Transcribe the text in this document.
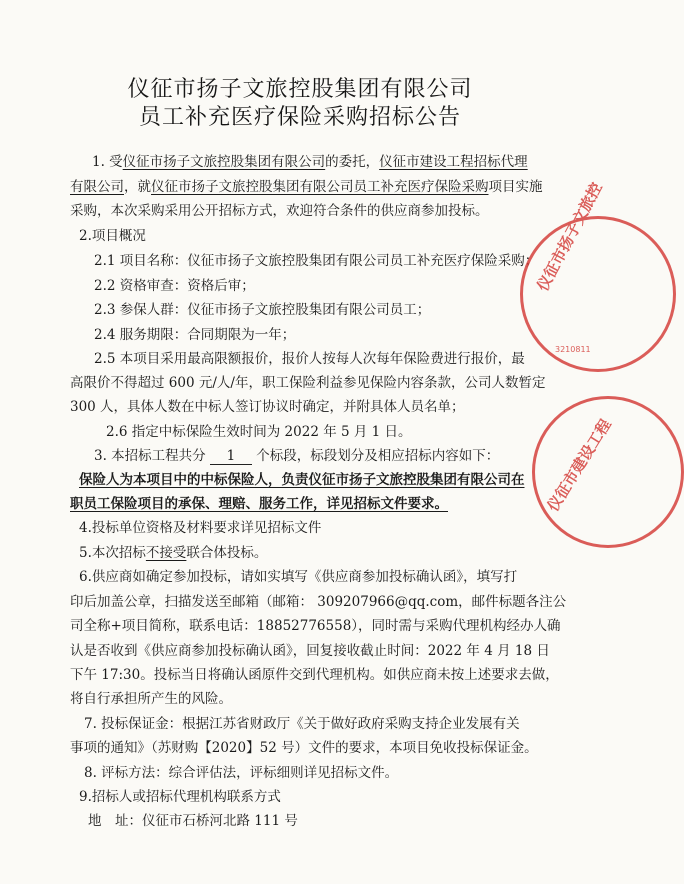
仪征市扬子文旅控股集团有限公司
员工补充医疗保险采购招标公告
1. 受仪征市扬子文旅控股集团有限公司的委托，仪征市建设工程招标代理
有限公司，就仪征市扬子文旅控股集团有限公司员工补充医疗保险采购项目实施
采购，本次采购采用公开招标方式，欢迎符合条件的供应商参加投标。
2.项目概况
2.1 项目名称：仪征市扬子文旅控股集团有限公司员工补充医疗保险采购；
2.2 资格审查：资格后审；
2.3 参保人群：仪征市扬子文旅控股集团有限公司员工；
2.4 服务期限：合同期限为一年；
2.5 本项目采用最高限额报价，报价人按每人次每年保险费进行报价，最
高限价不得超过 600 元/人/年，职工保险利益参见保险内容条款，公司人数暂定
300 人，具体人数在中标人签订协议时确定，并附具体人员名单；
2.6 指定中标保险生效时间为 2022 年 5 月 1 日。
3. 本招标工程共分 1 个标段，标段划分及相应招标内容如下：
保险人为本项目中的中标保险人，负责仪征市扬子文旅控股集团有限公司在
职员工保险项目的承保、理赔、服务工作，详见招标文件要求。
4.投标单位资格及材料要求详见招标文件
5.本次招标不接受联合体投标。
6.供应商如确定参加投标，请如实填写《供应商参加投标确认函》，填写打
印后加盖公章，扫描发送至邮箱（邮箱： 309207966@qq.com，邮件标题各注公
司全称+项目简称，联系电话：18852776558），同时需与采购代理机构经办人确
认是否收到《供应商参加投标确认函》，回复接收截止时间：2022 年 4 月 18 日
下午 17:30。投标当日将确认函原件交到代理机构。如供应商未按上述要求去做，
将自行承担所产生的风险。
7. 投标保证金：根据江苏省财政厅《关于做好政府采购支持企业发展有关
事项的通知》（苏财购【2020】52 号）文件的要求，本项目免收投标保证金。
8. 评标方法：综合评估法，评标细则详见招标文件。
9.招标人或招标代理机构联系方式
地　址：仪征市石桥河北路 111 号
仪征市扬子文旅控
3210811
仪征市建设工程
